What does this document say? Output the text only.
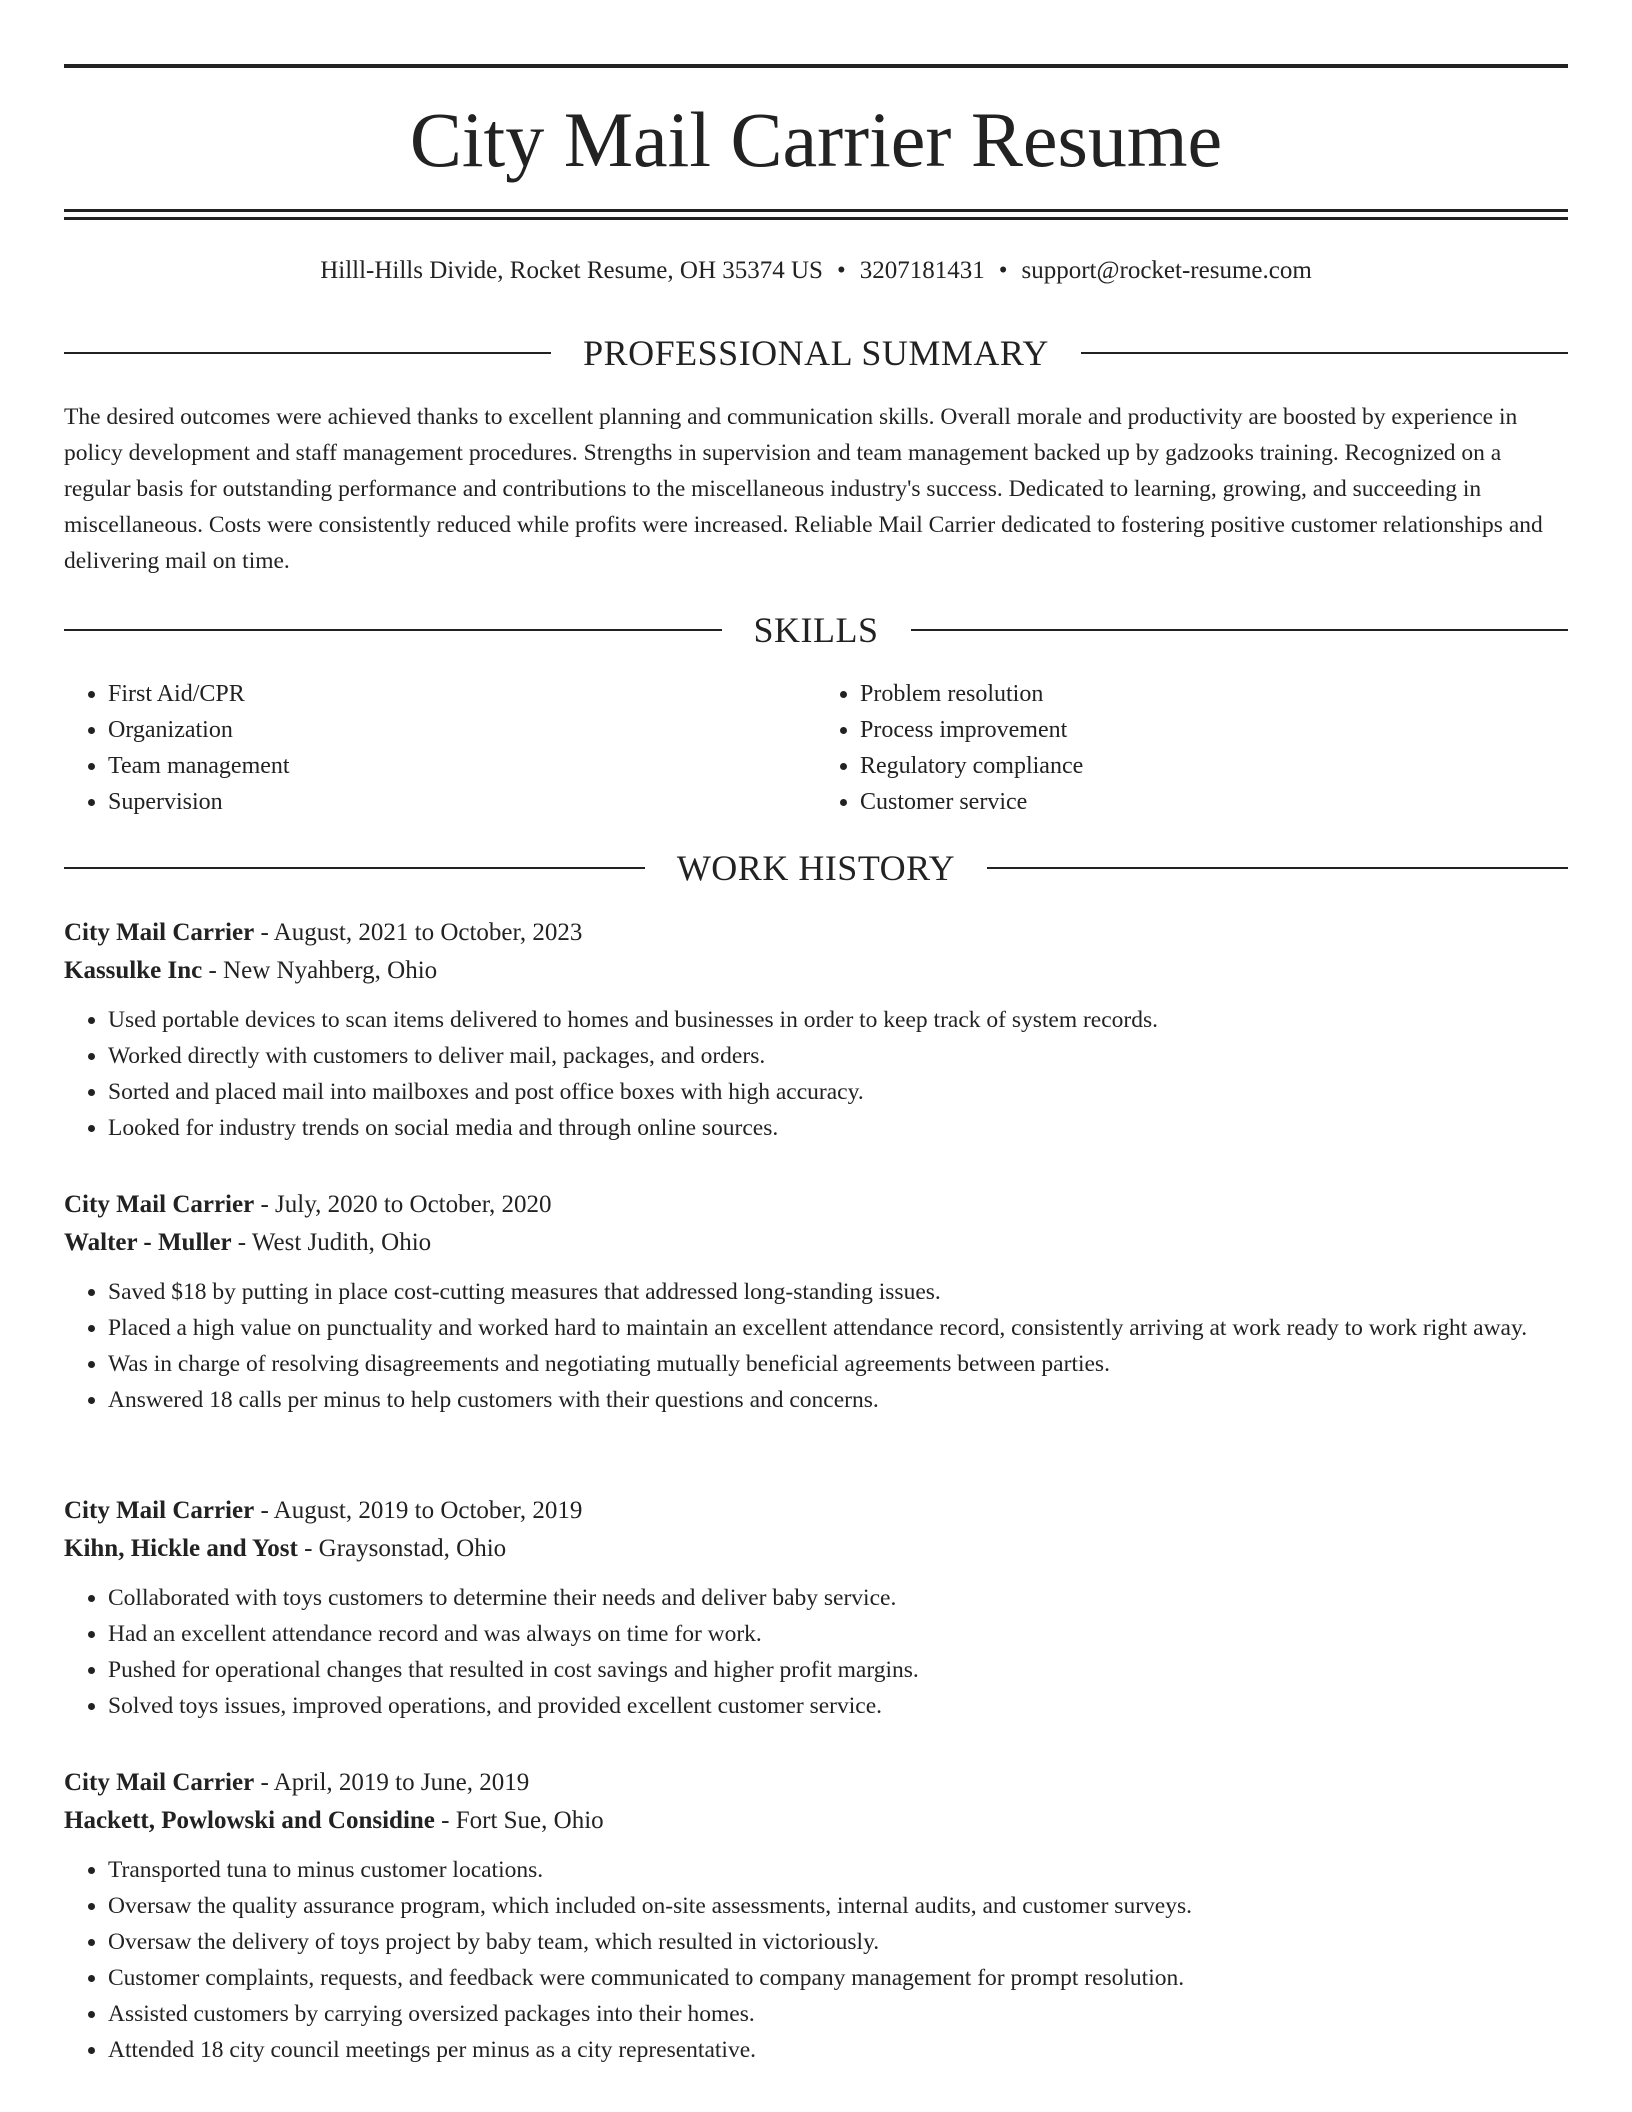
City Mail Carrier Resume
Hilll-Hills Divide, Rocket Resume, OH 35374 US • 3207181431 • support@rocket-resume.com
PROFESSIONAL SUMMARY

The desired outcomes were achieved thanks to excellent planning and communication skills. Overall morale and productivity are boosted by experience in policy development and staff management procedures. Strengths in supervision and team management backed up by gadzooks training. Recognized on a regular basis for outstanding performance and contributions to the miscellaneous industry's success. Dedicated to learning, growing, and succeeding in miscellaneous. Costs were consistently reduced while profits were increased. Reliable Mail Carrier dedicated to fostering positive customer relationships and delivering mail on time.

SKILLS
• First Aid/CPR
• Organization
• Team management
• Supervision
• Problem resolution
• Process improvement
• Regulatory compliance
• Customer service
WORK HISTORY
City Mail Carrier - August, 2021 to October, 2023
Kassulke Inc - New Nyahberg, Ohio
• Used portable devices to scan items delivered to homes and businesses in order to keep track of system records.
• Worked directly with customers to deliver mail, packages, and orders.
• Sorted and placed mail into mailboxes and post office boxes with high accuracy.
• Looked for industry trends on social media and through online sources.
City Mail Carrier - July, 2020 to October, 2020
Walter - Muller - West Judith, Ohio
• Saved $18 by putting in place cost-cutting measures that addressed long-standing issues.
• Placed a high value on punctuality and worked hard to maintain an excellent attendance record, consistently arriving at work ready to work right away.
• Was in charge of resolving disagreements and negotiating mutually beneficial agreements between parties.
• Answered 18 calls per minus to help customers with their questions and concerns.
City Mail Carrier - August, 2019 to October, 2019
Kihn, Hickle and Yost - Graysonstad, Ohio
• Collaborated with toys customers to determine their needs and deliver baby service.
• Had an excellent attendance record and was always on time for work.
• Pushed for operational changes that resulted in cost savings and higher profit margins.
• Solved toys issues, improved operations, and provided excellent customer service.
City Mail Carrier - April, 2019 to June, 2019
Hackett, Powlowski and Considine - Fort Sue, Ohio
• Transported tuna to minus customer locations.
• Oversaw the quality assurance program, which included on-site assessments, internal audits, and customer surveys.
• Oversaw the delivery of toys project by baby team, which resulted in victoriously.
• Customer complaints, requests, and feedback were communicated to company management for prompt resolution.
• Assisted customers by carrying oversized packages into their homes.
• Attended 18 city council meetings per minus as a city representative.
